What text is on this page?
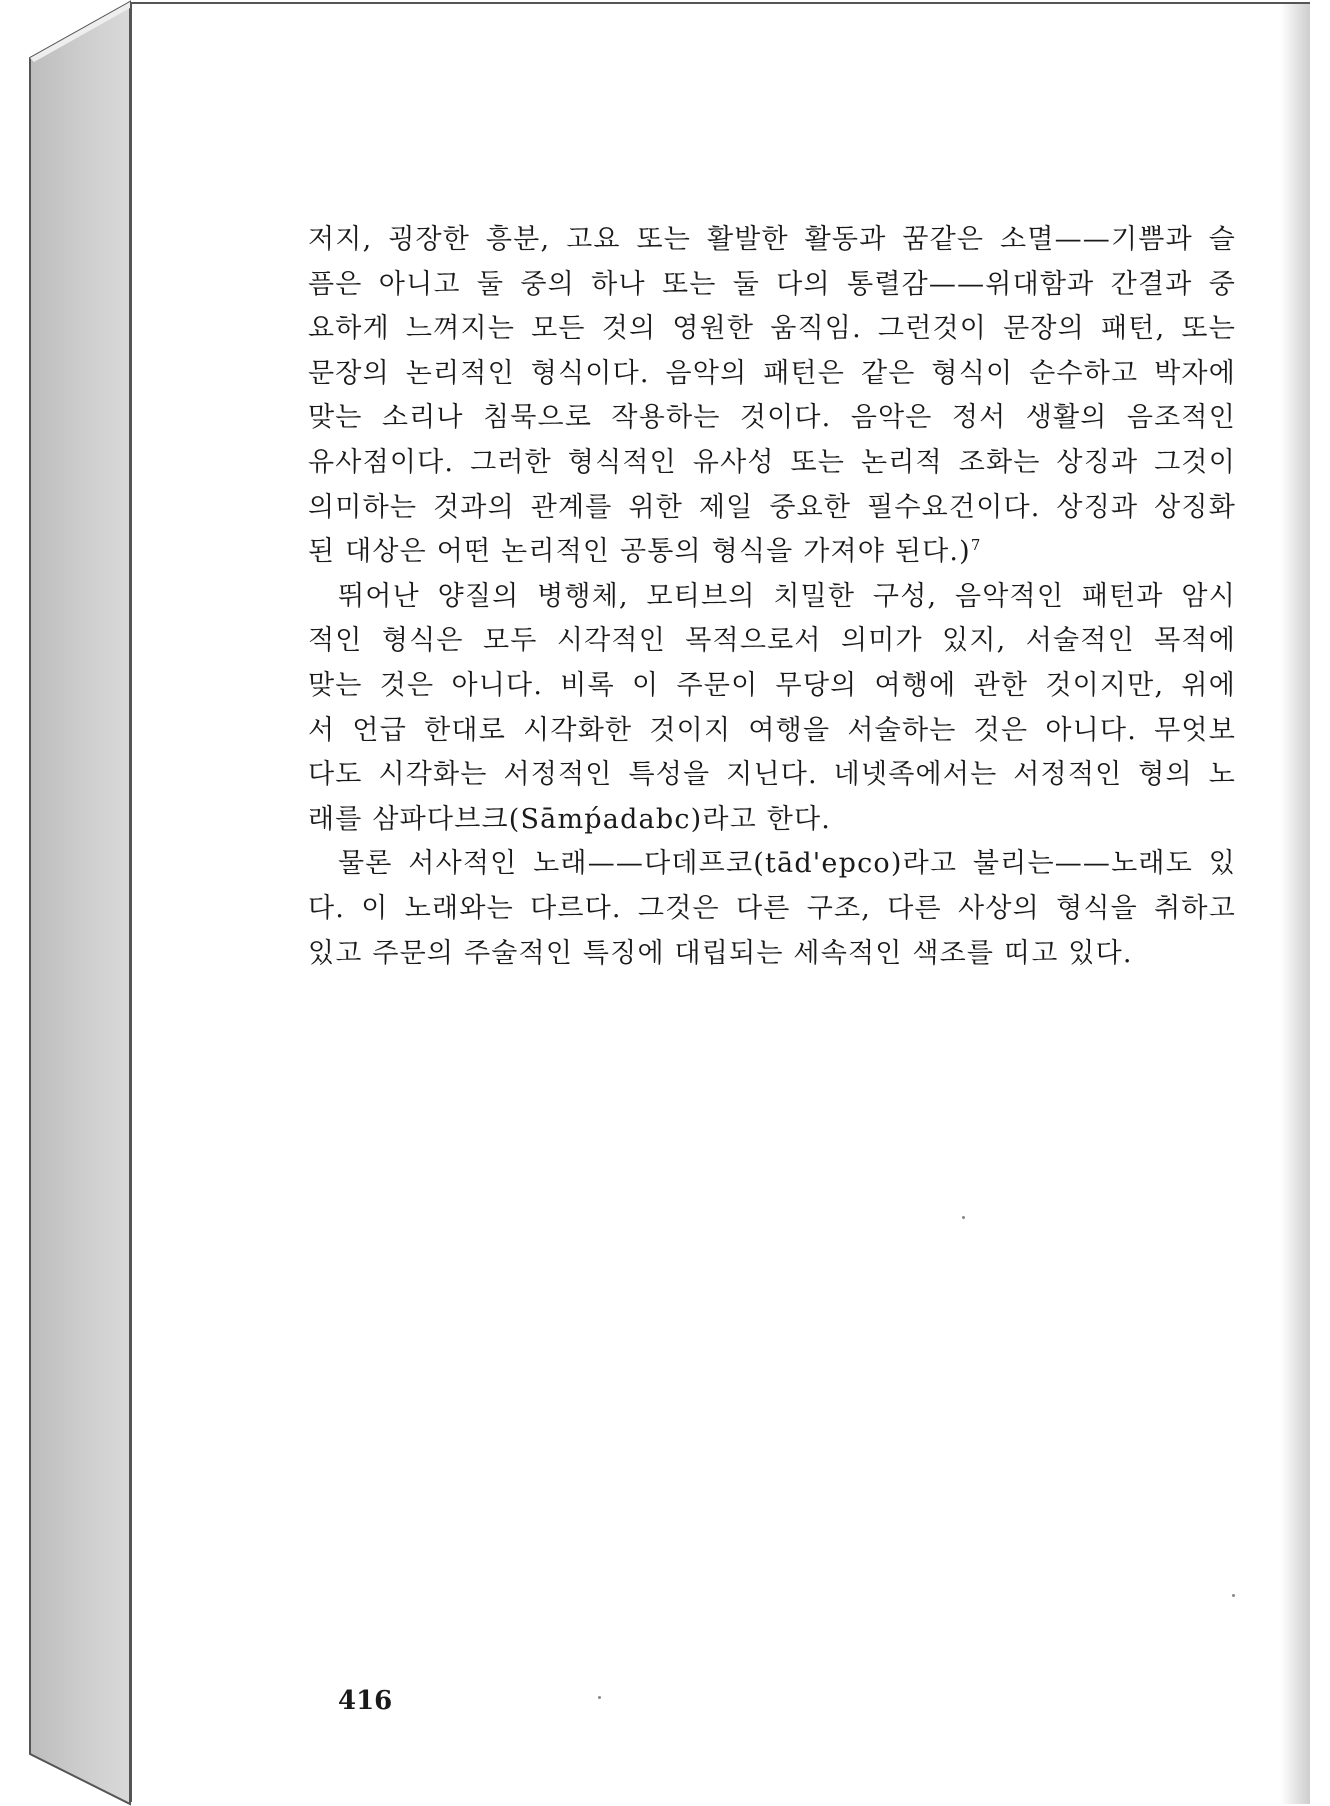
저지, 굉장한 흥분, 고요 또는 활발한 활동과 꿈같은 소멸——기쁨과 슬
픔은 아니고 둘 중의 하나 또는 둘 다의 통렬감——위대함과 간결과 중
요하게 느껴지는 모든 것의 영원한 움직임. 그런것이 문장의 패턴, 또는
문장의 논리적인 형식이다. 음악의 패턴은 같은 형식이 순수하고 박자에
맞는 소리나 침묵으로 작용하는 것이다. 음악은 정서 생활의 음조적인
유사점이다. 그러한 형식적인 유사성 또는 논리적 조화는 상징과 그것이
의미하는 것과의 관계를 위한 제일 중요한 필수요건이다. 상징과 상징화
된 대상은 어떤 논리적인 공통의 형식을 가져야 된다.)$^7$
뛰어난 양질의 병행체, 모티브의 치밀한 구성, 음악적인 패턴과 암시
적인 형식은 모두 시각적인 목적으로서 의미가 있지, 서술적인 목적에
맞는 것은 아니다. 비록 이 주문이 무당의 여행에 관한 것이지만, 위에
서 언급 한대로 시각화한 것이지 여행을 서술하는 것은 아니다. 무엇보
다도 시각화는 서정적인 특성을 지닌다. 네넷족에서는 서정적인 형의 노
래를 삼파다브크(Sāmṕadabc)라고 한다.
물론 서사적인 노래——다데프코(tād'epco)라고 불리는——노래도 있
다. 이 노래와는 다르다. 그것은 다른 구조, 다른 사상의 형식을 취하고
있고 주문의 주술적인 특징에 대립되는 세속적인 색조를 띠고 있다.
416
